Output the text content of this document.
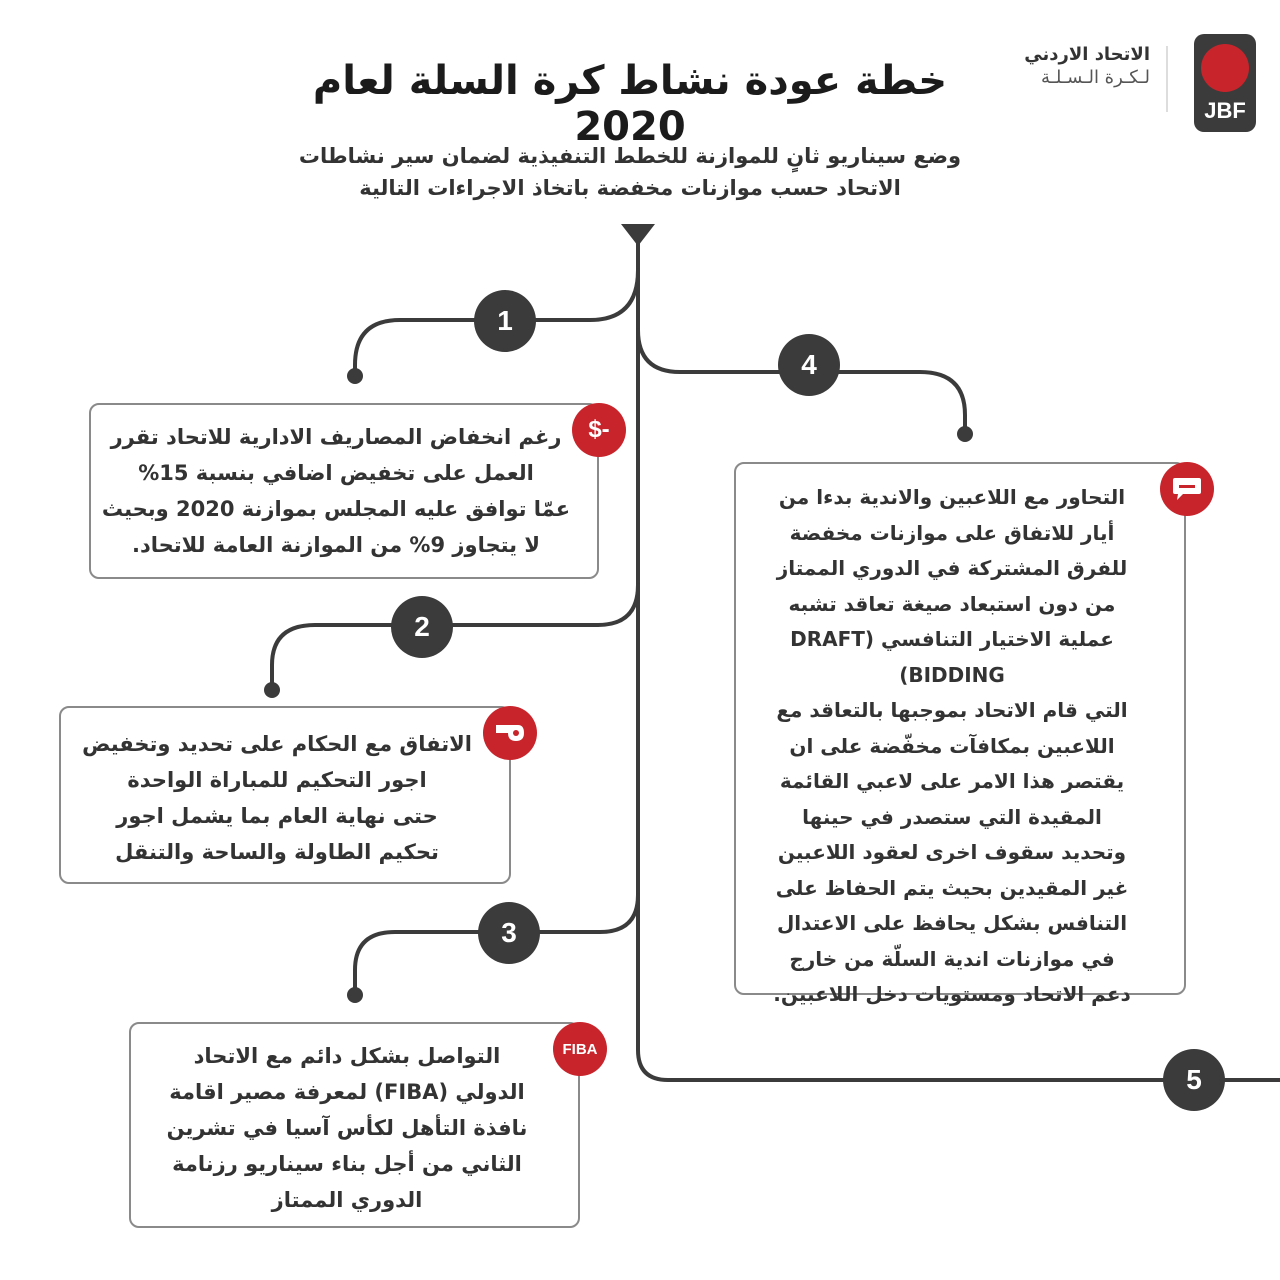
خطة عودة نشاط كرة السلة لعام 2020
الاتحاد الاردني
لـكـرة الـسـلـة
JBF
وضع سيناريو ثانٍ للموازنة للخطط التنفيذية لضمان سير نشاطات
الاتحاد حسب موازنات مخفضة باتخاذ الاجراءات التالية
1
4
2
3
5
رغم انخفاض المصاريف الادارية للاتحاد تقرر
العمل على تخفيض اضافي بنسبة 15%
عمّا توافق عليه المجلس بموازنة 2020 وبحيث
لا يتجاوز 9% من الموازنة العامة للاتحاد.
$-
الاتفاق مع الحكام على تحديد وتخفيض
اجور التحكيم للمباراة الواحدة
حتى نهاية العام بما يشمل اجور
تحكيم الطاولة والساحة والتنقل
التواصل بشكل دائم مع الاتحاد
الدولي (FIBA) لمعرفة مصير اقامة
نافذة التأهل لكأس آسيا في تشرين
الثاني من أجل بناء سيناريو رزنامة
الدوري الممتاز
FIBA
التحاور مع اللاعبين والاندية بدءا من
أيار للاتفاق على موازنات مخفضة
للفرق المشتركة في الدوري الممتاز
من دون استبعاد صيغة تعاقد تشبه
عملية الاختيار التنافسي (DRAFT BIDDING)
التي قام الاتحاد بموجبها بالتعاقد مع
اللاعبين بمكافآت مخفّضة على ان
يقتصر هذا الامر على لاعبي القائمة
المقيدة التي ستصدر في حينها
وتحديد سقوف اخرى لعقود اللاعبين
غير المقيدين بحيث يتم الحفاظ على
التنافس بشكل يحافظ على الاعتدال
في موازنات اندية السلّة من خارج
دعم الاتحاد ومستويات دخل اللاعبين.
